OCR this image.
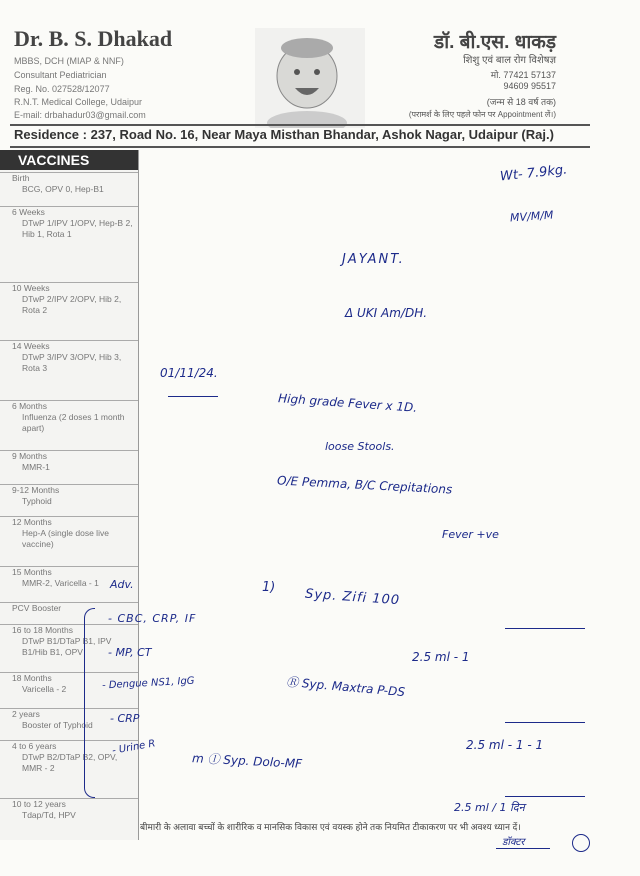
Dr. B. S. Dhakad
MBBS, DCH (MIAP & NNF)
Consultant Pediatrician
Reg. No. 027528/12077
R.N.T. Medical College, Udaipur
E-mail: drbahadur03@gmail.com
डॉ. बी.एस. धाकड़
शिशु एवं बाल रोग विशेषज्ञ
मो. 77421 57137
94609 95517
(जन्म से 18 वर्ष तक)
(परामर्श के लिए पहले फोन पर Appointment लें।)
Residence : 237, Road No. 16, Near Maya Misthan Bhandar, Ashok Nagar, Udaipur (Raj.)
VACCINES
Birth
BCG, OPV 0, Hep-B1
6 Weeks
DTwP 1/IPV 1/OPV, Hep-B 2, Hib 1, Rota 1
10 Weeks
DTwP 2/IPV 2/OPV, Hib 2, Rota 2
14 Weeks
DTwP 3/IPV 3/OPV, Hib 3, Rota 3
6 Months
Influenza (2 doses 1 month apart)
9 Months
MMR-1
9-12 Months
Typhoid
12 Months
Hep-A (single dose live vaccine)
15 Months
MMR-2, Varicella - 1
PCV Booster
16 to 18 Months
DTwP B1/DTaP B1, IPV B1/Hib B1, OPV
18 Months
Varicella - 2
2 years
Booster of Typhoid
4 to 6 years
DTwP B2/DTaP B2, OPV, MMR - 2
10 to 12 years
Tdap/Td, HPV
Wt- 7.9kg.
MV/M/M
JAYANT.
Δ UKI Am/DH.
01/11/24.
High grade Fever x 1D.
loose Stools.
O/E Pemma, B/C Crepitations
Fever +ve
Adv.	1) Syp. Zifi 100
2.5 ml - 1
Ⓡ Syp. Maxtra P-DS
2.5 ml - 1 - 1
m ⓛ Syp. Dolo-MF
2.5 ml / 1 दिन
- CBC, CRP, IF
- MP, CT
- Dengue NS1, IgG
- CRP
- Urine R
बीमारी के अलावा बच्चों के शारीरिक व मानसिक विकास एवं वयस्क होने तक नियमित टीकाकरण पर भी अवश्य ध्यान दें।
डॉक्टर
